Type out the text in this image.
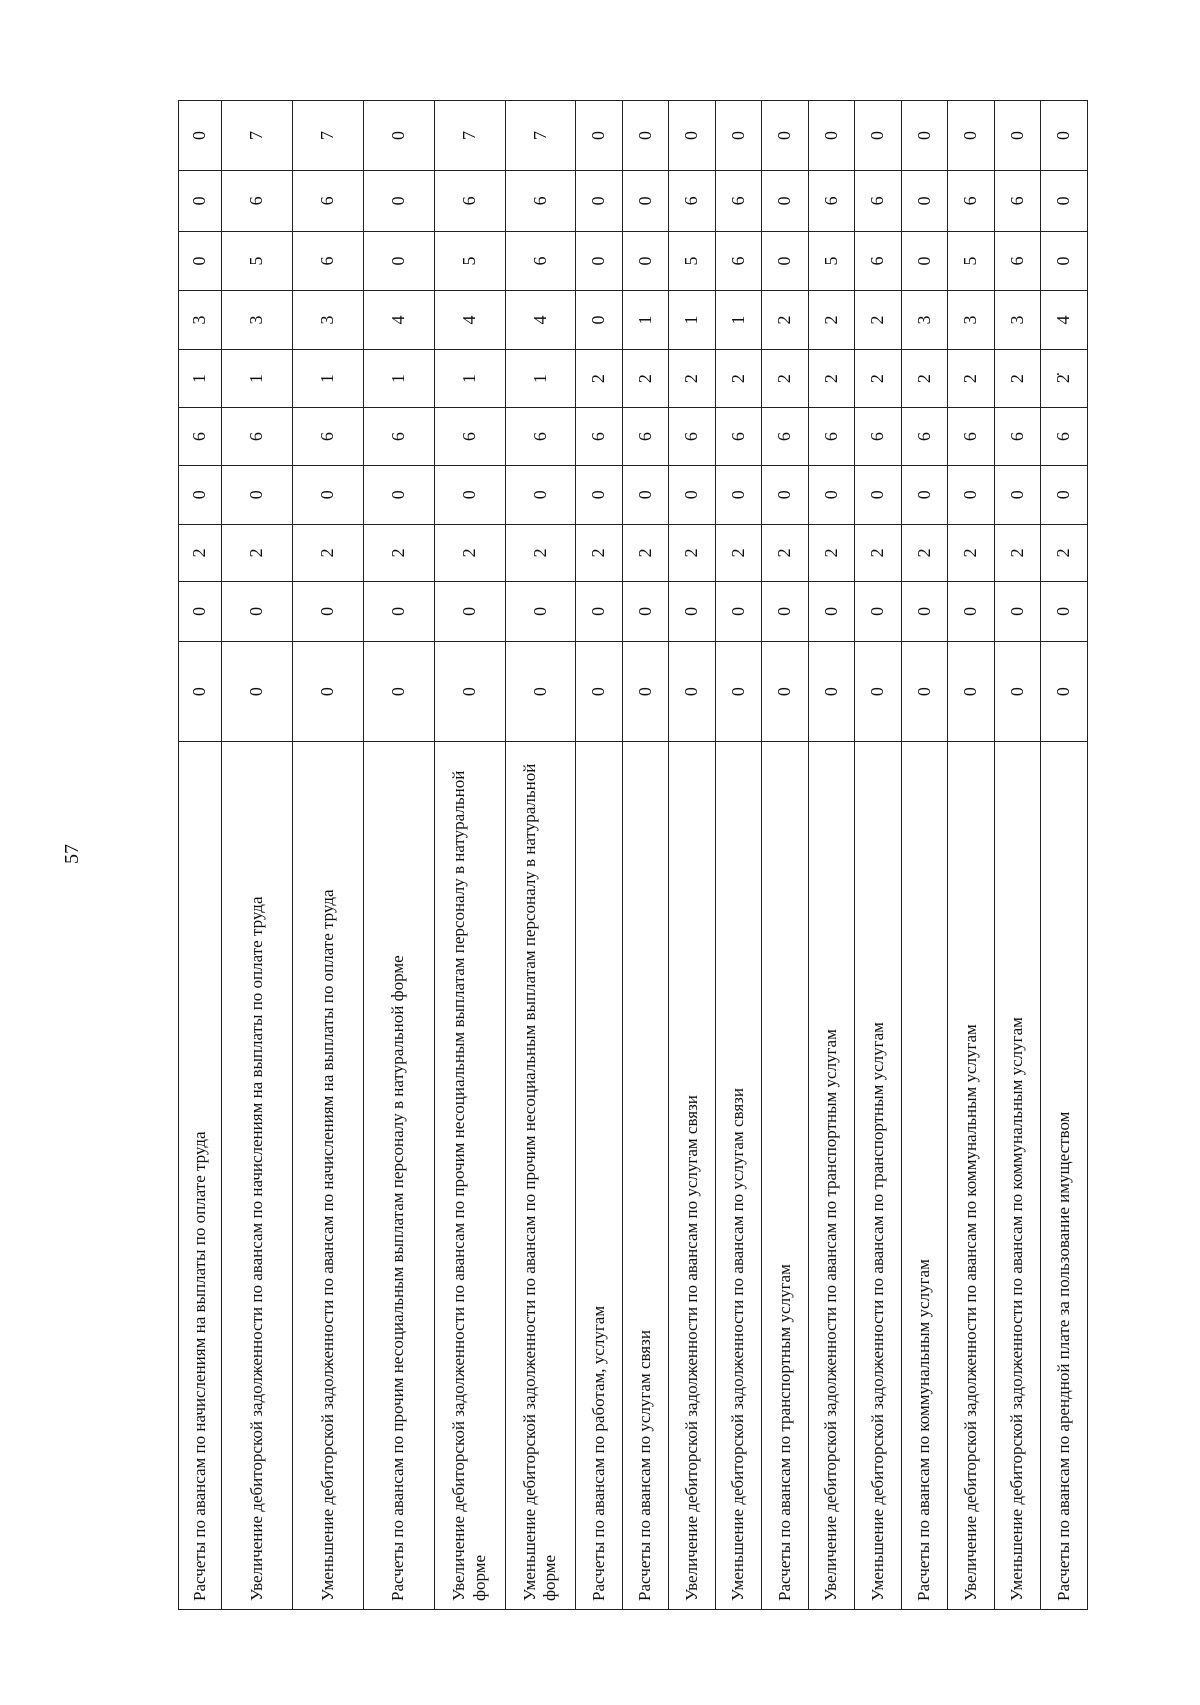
57
Расчеты по авансам по начислениям на выплаты по оплате труда	0	0	2	0	6	1	3	0	0	0
Увеличение дебиторской задолженности по авансам по начислениям на выплаты по оплате труда	0	0	2	0	6	1	3	5	6	7
Уменьшение дебиторской задолженности по авансам по начислениям на выплаты по оплате труда	0	0	2	0	6	1	3	6	6	7
Расчеты по авансам по прочим несоциальным выплатам персоналу в натуральной форме	0	0	2	0	6	1	4	0	0	0
Увеличение дебиторской задолженности по авансам по прочим несоциальным выплатам персоналу в натуральной форме	0	0	2	0	6	1	4	5	6	7
Уменьшение дебиторской задолженности по авансам по прочим несоциальным выплатам персоналу в натуральной форме	0	0	2	0	6	1	4	6	6	7
Расчеты по авансам по работам, услугам	0	0	2	0	6	2	0	0	0	0
Расчеты по авансам по услугам связи	0	0	2	0	6	2	1	0	0	0
Увеличение дебиторской задолженности по авансам по услугам связи	0	0	2	0	6	2	1	5	6	0
Уменьшение дебиторской задолженности по авансам по услугам связи	0	0	2	0	6	2	1	6	6	0
Расчеты по авансам по транспортным услугам	0	0	2	0	6	2	2	0	0	0
Увеличение дебиторской задолженности по авансам по транспортным услугам	0	0	2	0	6	2	2	5	6	0
Уменьшение дебиторской задолженности по авансам по транспортным услугам	0	0	2	0	6	2	2	6	6	0
Расчеты по авансам по коммунальным услугам	0	0	2	0	6	2	3	0	0	0
Увеличение дебиторской задолженности по авансам по коммунальным услугам	0	0	2	0	6	2	3	5	6	0
Уменьшение дебиторской задолженности по авансам по коммунальным услугам	0	0	2	0	6	2	3	6	6	0
Расчеты по авансам по арендной плате за пользование имуществом	0	0	2	0	6	2̇	4	0	0	0
